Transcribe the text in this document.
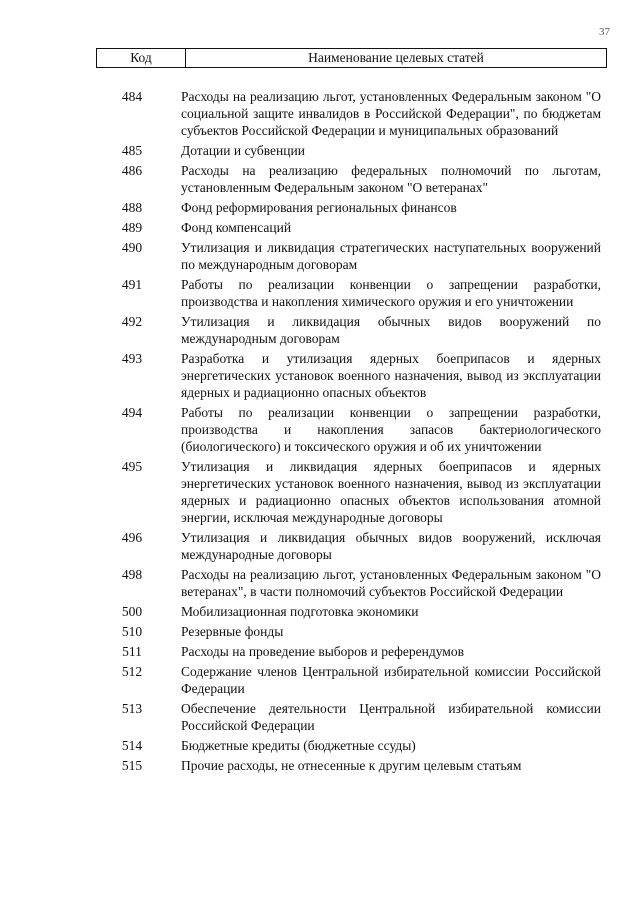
37
Код	Наименование целевых статей
484	Расходы на реализацию льгот, установленных Федеральным законом "О социальной защите инвалидов в Российской Федерации", по бюджетам субъектов Российской Федерации и муниципальных образований
485	Дотации и субвенции
486	Расходы на реализацию федеральных полномочий по льготам, установленным Федеральным законом "О ветеранах"
488	Фонд реформирования региональных финансов
489	Фонд компенсаций
490	Утилизация и ликвидация стратегических наступательных вооружений по международным договорам
491	Работы по реализации конвенции о запрещении разработки, производства и накопления химического оружия и его уничтожении
492	Утилизация и ликвидация обычных видов вооружений по международным договорам
493	Разработка и утилизация ядерных боеприпасов и ядерных энергетических установок военного назначения, вывод из эксплуатации ядерных и радиационно опасных объектов
494	Работы по реализации конвенции о запрещении разработки, производства и накопления запасов бактериологического (биологического) и токсического оружия и об их уничтожении
495	Утилизация и ликвидация ядерных боеприпасов и ядерных энергетических установок военного назначения, вывод из эксплуатации ядерных и радиационно опасных объектов использования атомной энергии, исключая международные договоры
496	Утилизация и ликвидация обычных видов вооружений, исключая международные договоры
498	Расходы на реализацию льгот, установленных Федеральным законом "О ветеранах", в части полномочий субъектов Российской Федерации
500	Мобилизационная подготовка экономики
510	Резервные фонды
511	Расходы на проведение выборов и референдумов
512	Содержание членов Центральной избирательной комиссии Российской Федерации
513	Обеспечение деятельности Центральной избирательной комиссии Российской Федерации
514	Бюджетные кредиты (бюджетные ссуды)
515	Прочие расходы, не отнесенные к другим целевым статьям
